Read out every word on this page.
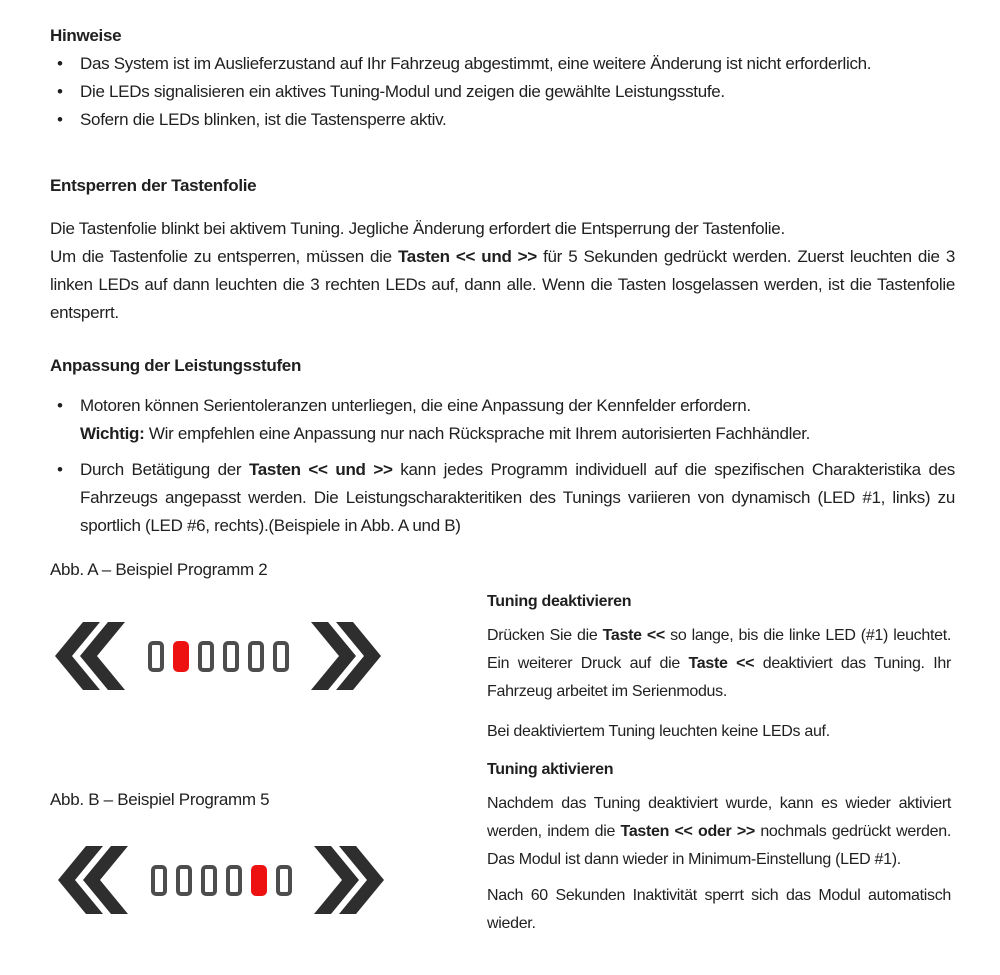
Hinweise
• Das System ist im Auslieferzustand auf Ihr Fahrzeug abgestimmt, eine weitere Änderung ist nicht erforderlich.
• Die LEDs signalisieren ein aktives Tuning-Modul und zeigen die gewählte Leistungsstufe.
• Sofern die LEDs blinken, ist die Tastensperre aktiv.
Entsperren der Tastenfolie

Die Tastenfolie blinkt bei aktivem Tuning. Jegliche Änderung erfordert die Entsperrung der Tastenfolie.

Um die Tastenfolie zu entsperren, müssen die Tasten << und >> für 5 Sekunden gedrückt werden. Zuerst leuchten die 3 linken LEDs auf dann leuchten die 3 rechten LEDs auf, dann alle. Wenn die Tasten losgelassen werden, ist die Tastenfolie entsperrt.

Anpassung der Leistungsstufen
• Motoren können Serientoleranzen unterliegen, die eine Anpassung der Kennfelder erfordern.

Wichtig: Wir empfehlen eine Anpassung nur nach Rücksprache mit Ihrem autorisierten Fachhändler.

• Durch Betätigung der Tasten << und >> kann jedes Programm individuell auf die spezifischen Charakteristika des Fahrzeugs angepasst werden. Die Leistungscharakteritiken des Tunings variieren von dynamisch (LED #1, links) zu sportlich (LED #6, rechts).(Beispiele in Abb. A und B)

Abb. A – Beispiel Programm 2
Abb. B – Beispiel Programm 5
Tuning deaktivieren

Drücken Sie die Taste << so lange, bis die linke LED (#1) leuchtet. Ein weiterer Druck auf die Taste << deaktiviert das Tuning. Ihr Fahrzeug arbeitet im Serienmodus.

Bei deaktiviertem Tuning leuchten keine LEDs auf.

Tuning aktivieren

Nachdem das Tuning deaktiviert wurde, kann es wieder aktiviert werden, indem die Tasten << oder >> nochmals gedrückt werden. Das Modul ist dann wieder in Minimum-Einstellung (LED #1).

Nach 60 Sekunden Inaktivität sperrt sich das Modul automatisch wieder.
